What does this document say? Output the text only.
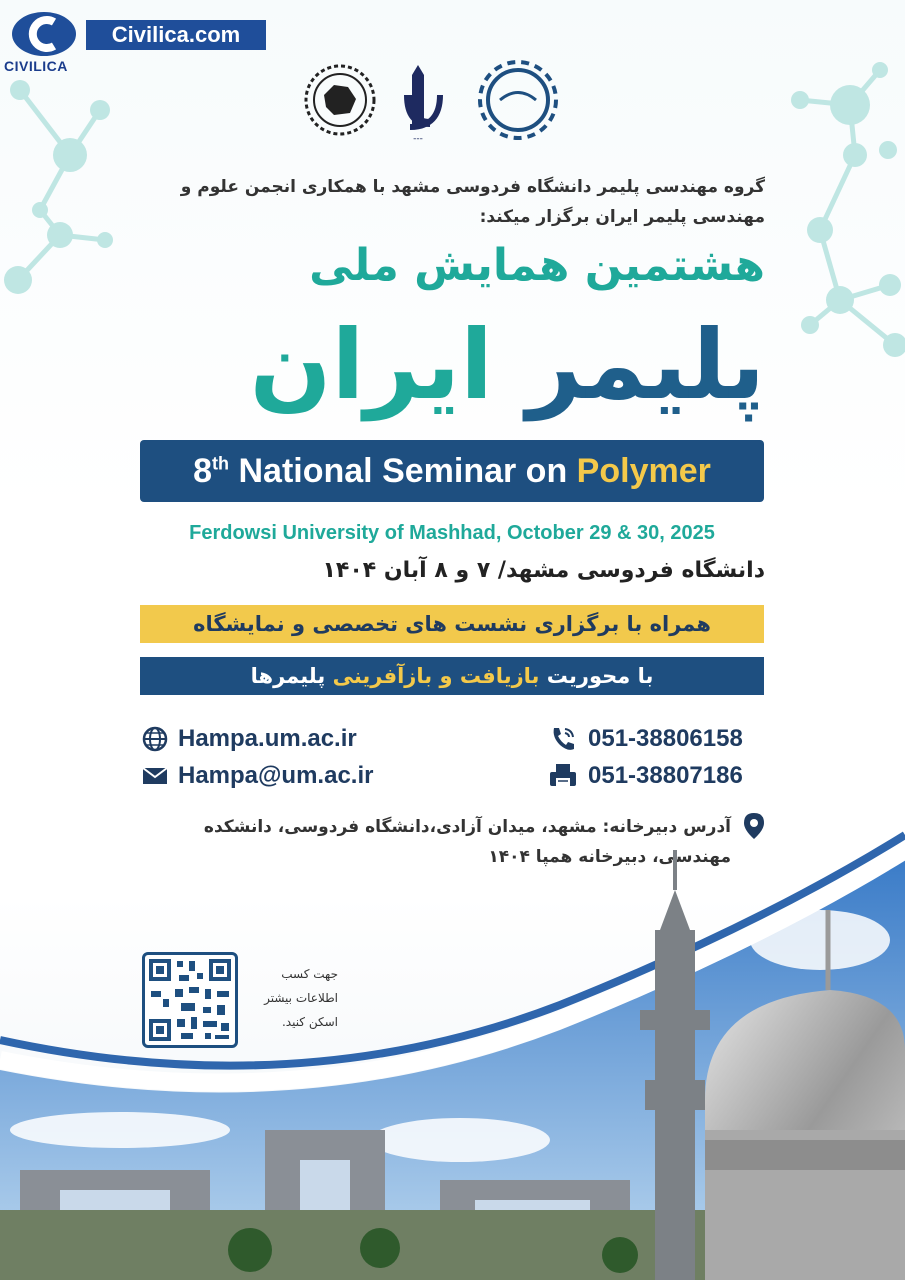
CIVILICA
Civilica.com
---
گروه مهندسی پلیمر دانشگاه فردوسی مشهد با همکاری انجمن علوم و مهندسی پلیمر ایران برگزار میکند:
هشتمین همایش ملی
پلیمر ایران
8th National Seminar on Polymer
Ferdowsi University of Mashhad, October 29 & 30, 2025
دانشگاه فردوسی مشهد/ ۷ و ۸ آبان ۱۴۰۴
همراه با برگزاری نشست های تخصصی و نمایشگاه
با محوریت بازیافت و بازآفرینی پلیمرها
Hampa.um.ac.ir
Hampa@um.ac.ir
051-38806158
051-38807186
آدرس دبیرخانه: مشهد، میدان آزادی،دانشگاه فردوسی، دانشکده مهندسی، دبیرخانه همپا ۱۴۰۴
جهت کسب اطلاعات بیشتر اسکن کنید.
